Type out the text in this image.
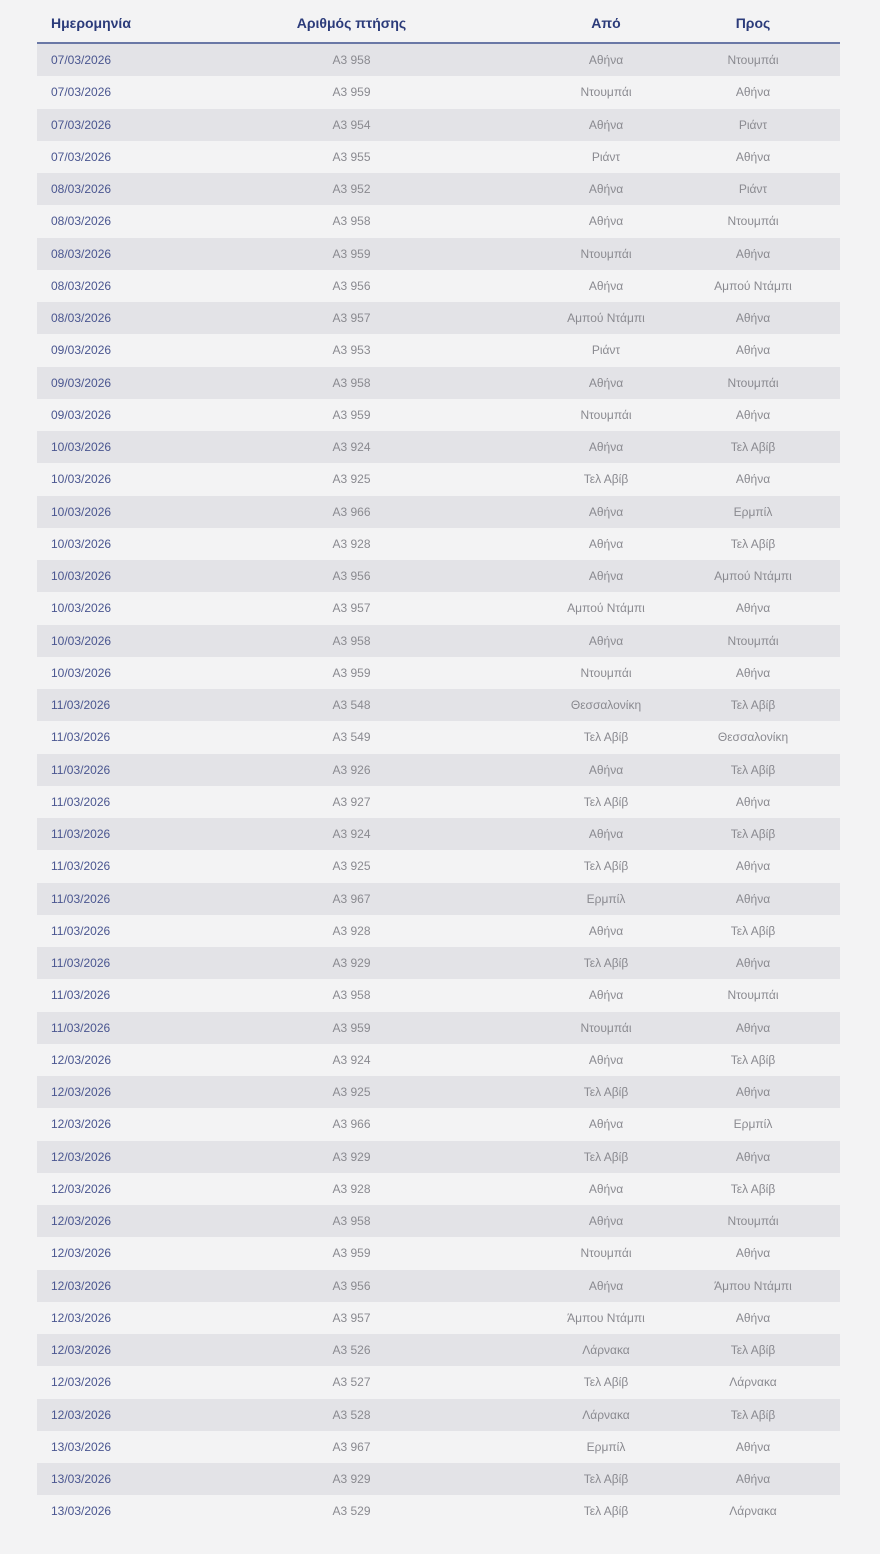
Ημερομηνία	Αριθμός πτήσης	Από	Προς
07/03/2026	A3 958	Αθήνα	Ντουμπάι
07/03/2026	A3 959	Ντουμπάι	Αθήνα
07/03/2026	A3 954	Αθήνα	Ριάντ
07/03/2026	A3 955	Ριάντ	Αθήνα
08/03/2026	A3 952	Αθήνα	Ριάντ
08/03/2026	A3 958	Αθήνα	Ντουμπάι
08/03/2026	A3 959	Ντουμπάι	Αθήνα
08/03/2026	A3 956	Αθήνα	Αμπού Ντάμπι
08/03/2026	A3 957	Αμπού Ντάμπι	Αθήνα
09/03/2026	A3 953	Ριάντ	Αθήνα
09/03/2026	A3 958	Αθήνα	Ντουμπάι
09/03/2026	A3 959	Ντουμπάι	Αθήνα
10/03/2026	A3 924	Αθήνα	Τελ Αβίβ
10/03/2026	A3 925	Τελ Αβίβ	Αθήνα
10/03/2026	A3 966	Αθήνα	Ερμπίλ
10/03/2026	A3 928	Αθήνα	Τελ Αβίβ
10/03/2026	A3 956	Αθήνα	Αμπού Ντάμπι
10/03/2026	A3 957	Αμπού Ντάμπι	Αθήνα
10/03/2026	A3 958	Αθήνα	Ντουμπάι
10/03/2026	A3 959	Ντουμπάι	Αθήνα
11/03/2026	A3 548	Θεσσαλονίκη	Τελ Αβίβ
11/03/2026	A3 549	Τελ Αβίβ	Θεσσαλονίκη
11/03/2026	A3 926	Αθήνα	Τελ Αβίβ
11/03/2026	A3 927	Τελ Αβίβ	Αθήνα
11/03/2026	A3 924	Αθήνα	Τελ Αβίβ
11/03/2026	A3 925	Τελ Αβίβ	Αθήνα
11/03/2026	A3 967	Ερμπίλ	Αθήνα
11/03/2026	A3 928	Αθήνα	Τελ Αβίβ
11/03/2026	A3 929	Τελ Αβίβ	Αθήνα
11/03/2026	A3 958	Αθήνα	Ντουμπάι
11/03/2026	A3 959	Ντουμπάι	Αθήνα
12/03/2026	A3 924	Αθήνα	Τελ Αβίβ
12/03/2026	A3 925	Τελ Αβίβ	Αθήνα
12/03/2026	A3 966	Αθήνα	Ερμπίλ
12/03/2026	A3 929	Τελ Αβίβ	Αθήνα
12/03/2026	A3 928	Αθήνα	Τελ Αβίβ
12/03/2026	A3 958	Αθήνα	Ντουμπάι
12/03/2026	A3 959	Ντουμπάι	Αθήνα
12/03/2026	A3 956	Αθήνα	Άμπου Ντάμπι
12/03/2026	A3 957	Άμπου Ντάμπι	Αθήνα
12/03/2026	A3 526	Λάρνακα	Τελ Αβίβ
12/03/2026	A3 527	Τελ Αβίβ	Λάρνακα
12/03/2026	A3 528	Λάρνακα	Τελ Αβίβ
13/03/2026	A3 967	Ερμπίλ	Αθήνα
13/03/2026	A3 929	Τελ Αβίβ	Αθήνα
13/03/2026	A3 529	Τελ Αβίβ	Λάρνακα
